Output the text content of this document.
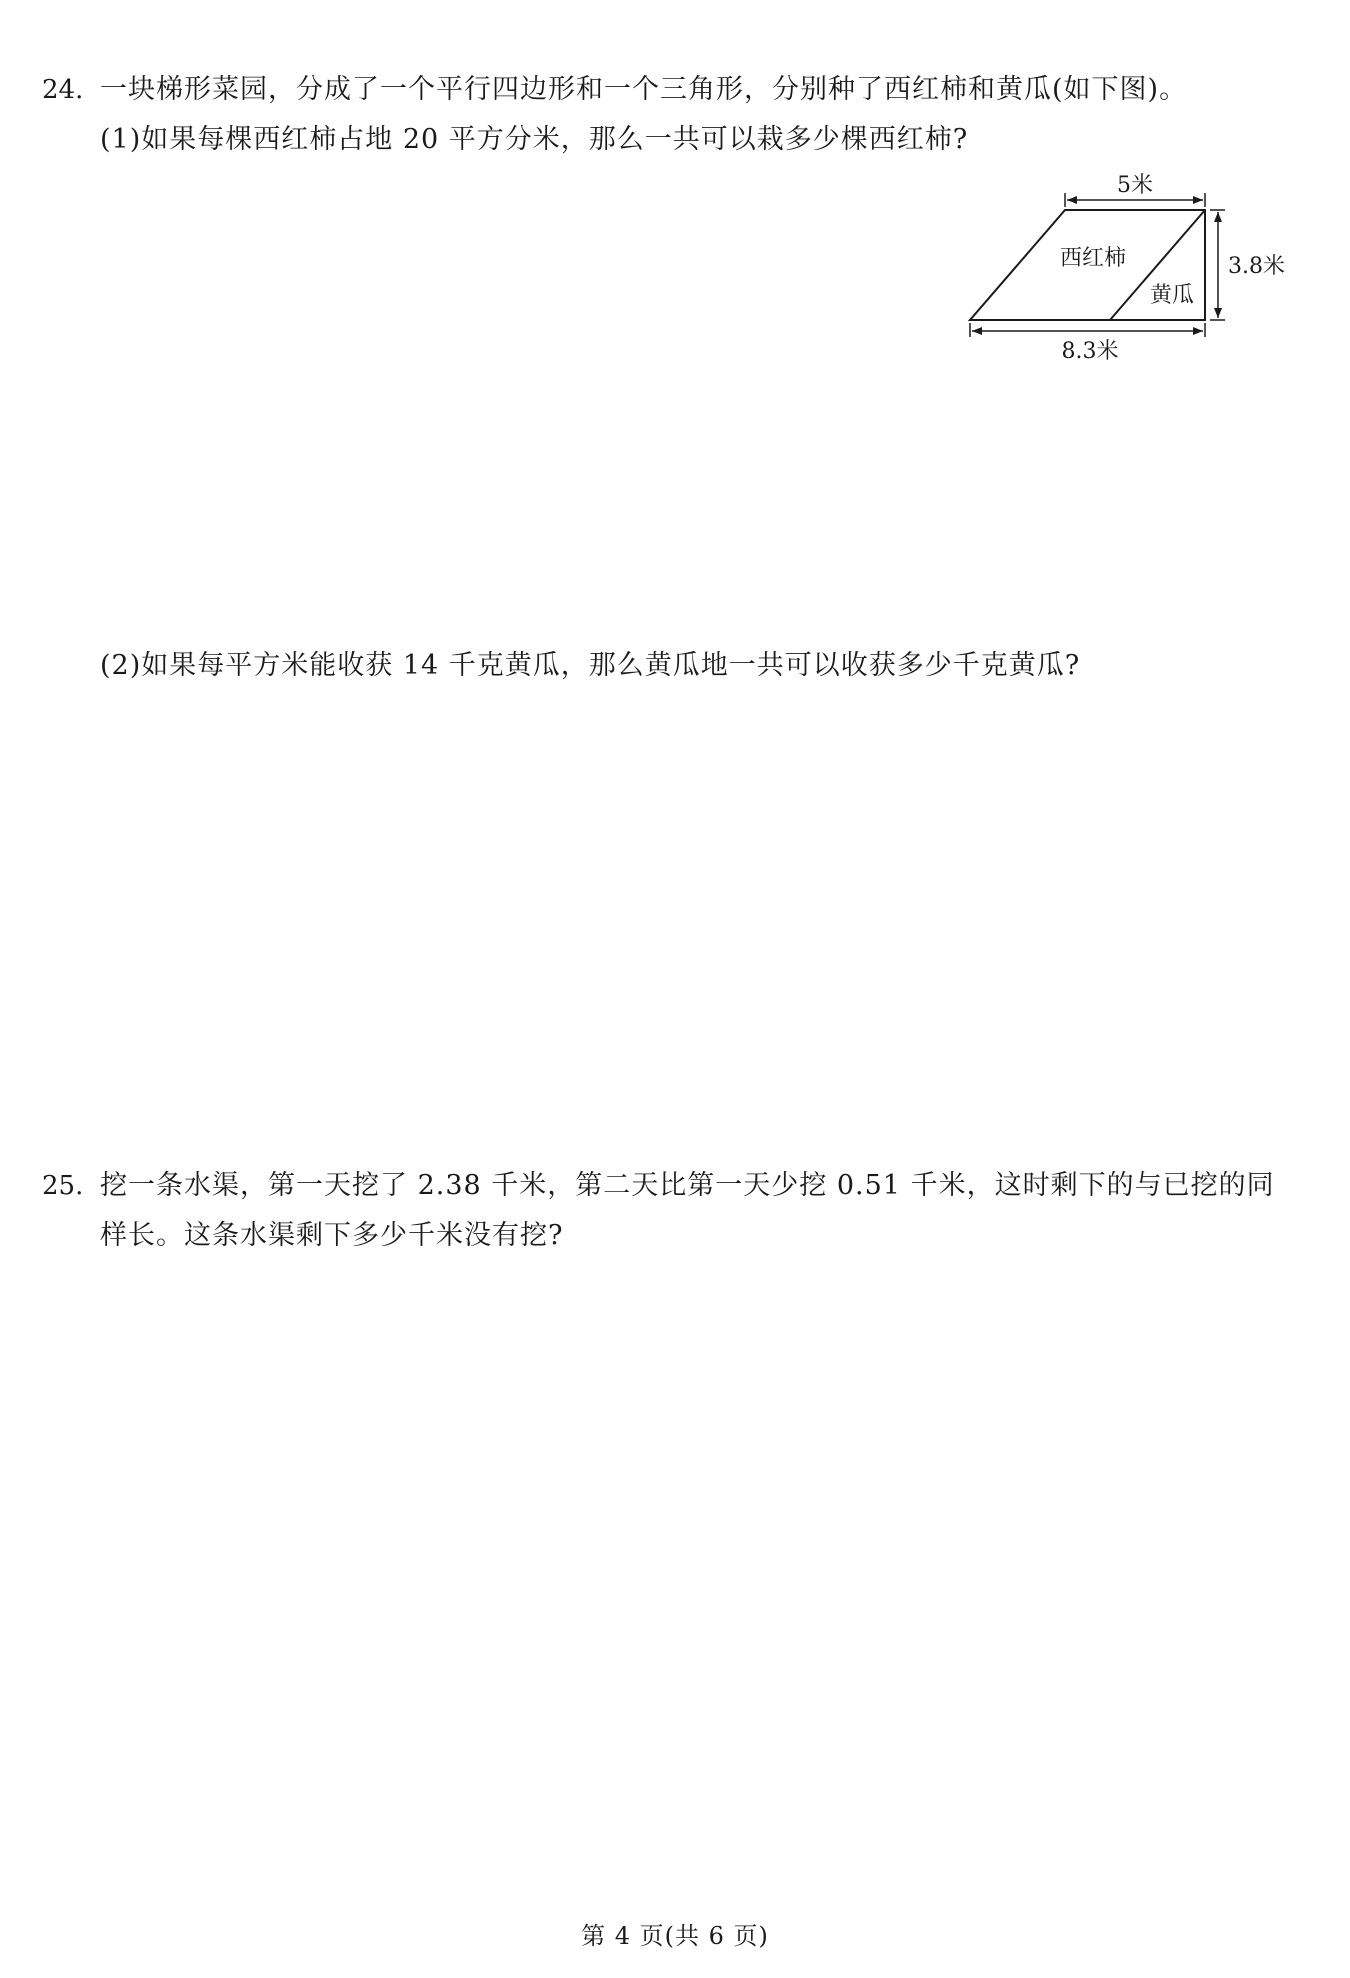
24. 一块梯形菜园，分成了一个平行四边形和一个三角形，分别种了西红柿和黄瓜(如下图)。
(1)如果每棵西红柿占地 20 平方分米，那么一共可以栽多少棵西红柿?
5米
3.8米
8.3米
西红柿
黄瓜
(2)如果每平方米能收获 14 千克黄瓜，那么黄瓜地一共可以收获多少千克黄瓜?
25. 挖一条水渠，第一天挖了 2.38 千米，第二天比第一天少挖 0.51 千米，这时剩下的与已挖的同
样长。这条水渠剩下多少千米没有挖?
第 4 页(共 6 页)
